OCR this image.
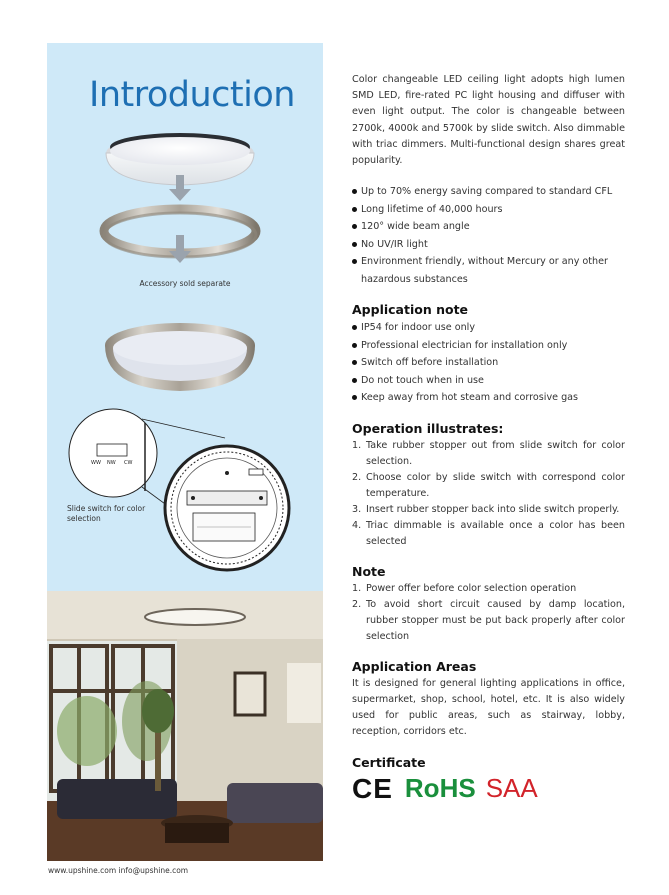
Introduction
WW NW CW
Accessory sold separate
Slide switch for color selection
www.upshine.com info@upshine.com

Color changeable LED ceiling light adopts high lumen SMD LED, fire-rated PC light housing and diffuser with even light output. The color is changeable between 2700k, 4000k and 5700k by slide switch. Also dimmable with triac dimmers. Multi-functional design shares great popularity.

Up to 70% energy saving compared to standard CFL
Long lifetime of 40,000 hours
120° wide beam angle
No UV/IR light
Environment friendly, without Mercury or any other hazardous substances
Application note
IP54 for indoor use only
Professional electrician for installation only
Switch off before installation
Do not touch when in use
Keep away from hot steam and corrosive gas
Operation illustrates:
1. Take rubber stopper out from slide switch for color selection.
2. Choose color by slide switch with correspond color temperature.
3. Insert rubber stopper back into slide switch properly.
4. Triac dimmable is available once a color has been selected
Note
1. Power offer before color selection operation
2. To avoid short circuit caused by damp location, rubber stopper must be put back properly after color selection
Application Areas

It is designed for general lighting applications in office, supermarket, shop, school, hotel, etc. It is also widely used for public areas, such as stairway, lobby, reception, corridors etc.

Certificate
CE RoHS SAA
